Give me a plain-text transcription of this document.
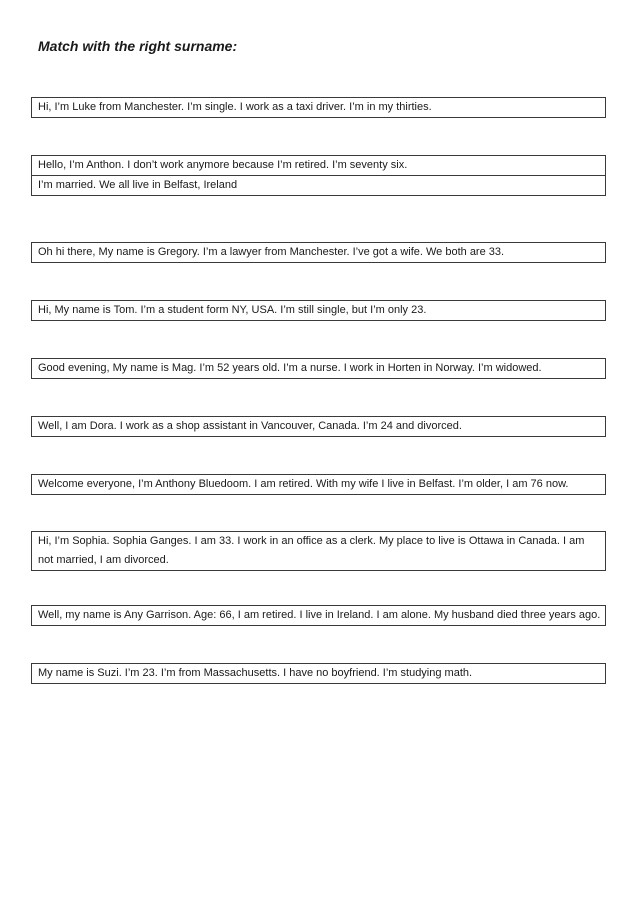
Match with the right surname:
Hi, I’m Luke from Manchester. I’m single. I work as a taxi driver. I’m in my thirties.
Hello, I’m Anthon. I don’t work anymore because I’m retired. I’m seventy six.
I’m married. We all live in Belfast, Ireland
Oh hi there, My name is Gregory. I’m a lawyer from Manchester. I’ve got a wife. We both are 33.
Hi, My name is Tom. I’m a student form NY, USA. I’m still single, but I’m only 23.
Good evening, My name is Mag. I’m 52 years old. I’m a nurse. I work in Horten in Norway. I’m widowed.
Well, I am Dora. I work as a shop assistant in Vancouver, Canada. I’m 24 and divorced.
Welcome everyone, I’m Anthony Bluedoom. I am retired. With my wife I live in Belfast. I’m older, I am 76 now.
Hi, I’m Sophia. Sophia Ganges. I am 33. I work in an office as a clerk. My place to live is Ottawa in Canada. I am not married, I am divorced.
Well, my name is Any Garrison. Age: 66, I am retired. I live in Ireland. I am alone. My husband died three years ago.
My name is Suzi. I’m 23. I’m from Massachusetts. I have no boyfriend. I’m studying math.
